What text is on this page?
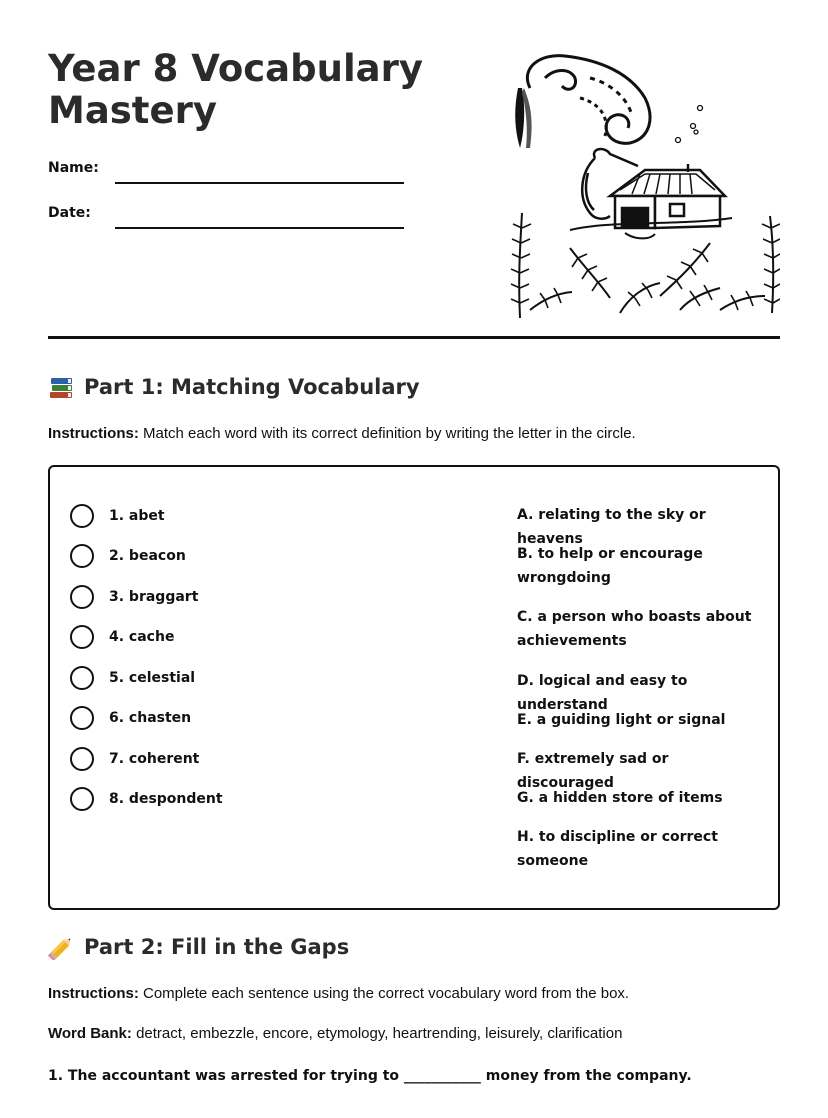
Year 8 Vocabulary Mastery
Name:
Date:
Part 1: Matching Vocabulary
Instructions: Match each word with its correct definition by writing the letter in the circle.
1. abet
2. beacon
3. braggart
4. cache
5. celestial
6. chasten
7. coherent
8. despondent
A. relating to the sky or heavens
B. to help or encourage wrongdoing
C. a person who boasts about achievements
D. logical and easy to understand
E. a guiding light or signal
F. extremely sad or discouraged
G. a hidden store of items
H. to discipline or correct someone
Part 2: Fill in the Gaps
Instructions: Complete each sentence using the correct vocabulary word from the box.
Word Bank: detract, embezzle, encore, etymology, heartrending, leisurely, clarification
1. The accountant was arrested for trying to ___________ money from the company.
